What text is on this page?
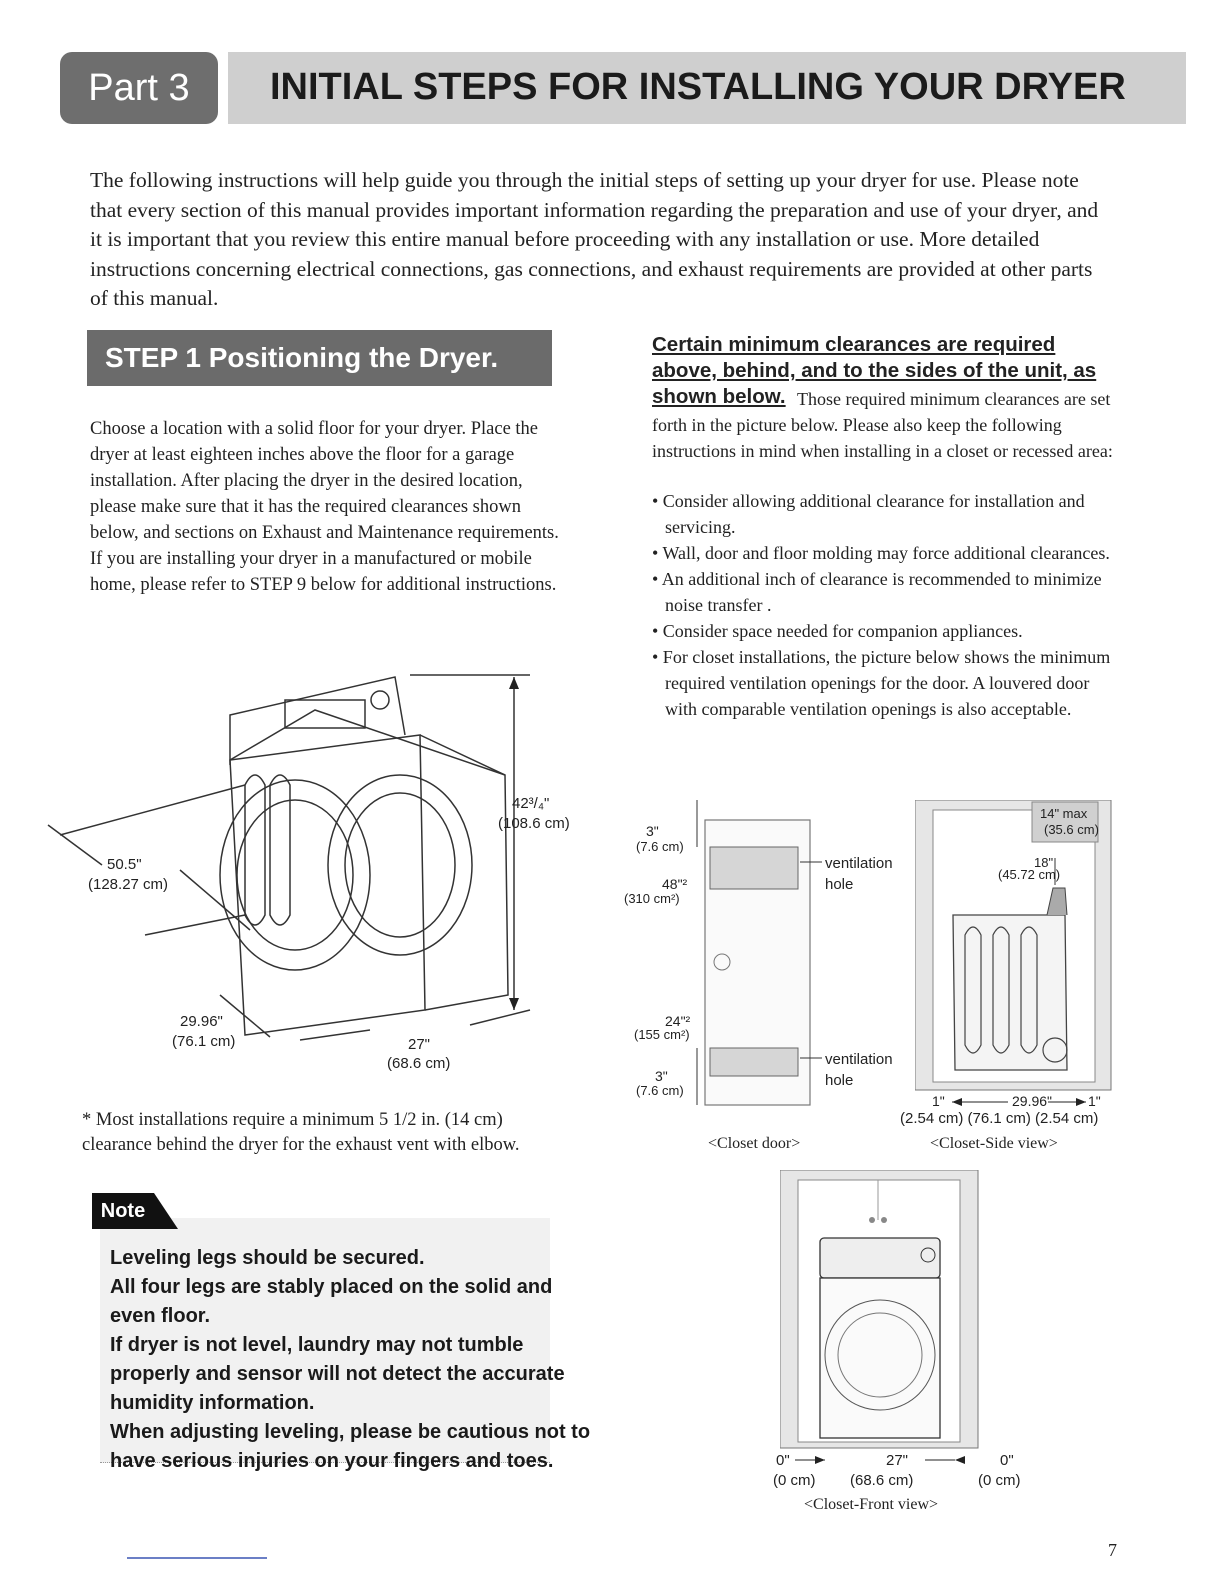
Part 3	INITIAL STEPS FOR INSTALLING YOUR DRYER
The following instructions will help guide you through the initial steps of setting up your dryer for use. Please note that every section of this manual provides important information regarding the preparation and use of your dryer, and it is important that you review this entire manual before proceeding with any installation or use. More detailed instructions concerning electrical connections, gas connections, and exhaust requirements are provided at other parts of this manual.
STEP 1 Positioning the Dryer.
Choose a location with a solid floor for your dryer. Place the dryer at least eighteen inches above the floor for a garage installation. After placing the dryer in the desired location, please make sure that it has the required clearances shown below, and sections on Exhaust and Maintenance requirements. If you are installing your dryer in a manufactured or mobile home, please refer to STEP 9 below for additional instructions.
42³/₄"
(108.6 cm)
50.5"
(128.27 cm)
29.96"
(76.1 cm)	27"
(68.6 cm)
* Most installations require a minimum 5 1/2 in. (14 cm) clearance behind the dryer for the exhaust vent with elbow.
Note
Leveling legs should be secured.
All four legs are stably placed on the solid and
even floor.
If dryer is not level, laundry may not tumble
properly and sensor will not detect the accurate
humidity information.
When adjusting leveling, please be cautious not to
have serious injuries on your fingers and toes.
Certain minimum clearances are required above, behind, and to the sides of the unit, as shown below. Those required minimum clearances are set forth in the picture below. Please also keep the following instructions in mind when installing in a closet or recessed area:
• Consider allowing additional clearance for installation and servicing.
• Wall, door and floor molding may force additional clearances.
• An additional inch of clearance is recommended to minimize noise transfer .
• Consider space needed for companion appliances.
• For closet installations, the picture below shows the minimum required ventilation openings for the door. A louvered door with comparable ventilation openings is also acceptable.
3"
(7.6 cm)
48"²
(310 cm²)
24"²
(155 cm²)
3"
(7.6 cm)
ventilation
hole
ventilation
hole
<Closet door>
14" max
(35.6 cm)
18"
(45.72 cm)
1"	29.96"	1"
(2.54 cm) (76.1 cm) (2.54 cm)
<Closet-Side view>
0"
(0 cm)
27"
(68.6 cm)
0"
(0 cm)
<Closet-Front view>
7
